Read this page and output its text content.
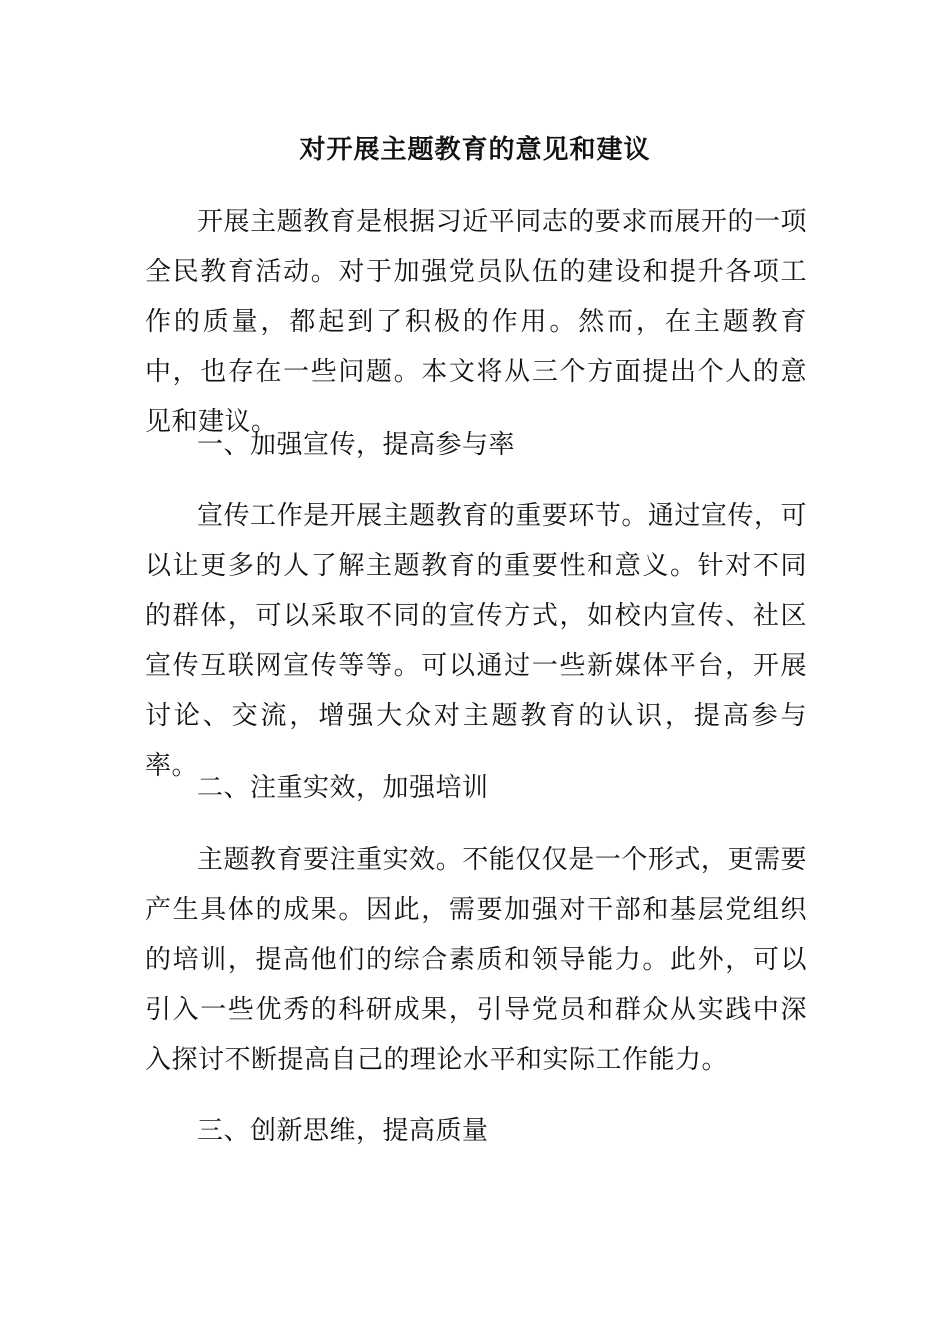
对开展主题教育的意见和建议

开展主题教育是根据习近平同志的要求而展开的一项全民教育活动。对于加强党员队伍的建设和提升各项工作的质量，都起到了积极的作用。然而，在主题教育中，也存在一些问题。本文将从三个方面提出个人的意见和建议。

一、加强宣传，提高参与率

宣传工作是开展主题教育的重要环节。通过宣传，可以让更多的人了解主题教育的重要性和意义。针对不同的群体，可以采取不同的宣传方式，如校内宣传、社区宣传互联网宣传等等。可以通过一些新媒体平台，开展讨论、交流，增强大众对主题教育的认识，提高参与率。

二、注重实效，加强培训

主题教育要注重实效。不能仅仅是一个形式，更需要产生具体的成果。因此，需要加强对干部和基层党组织的培训，提高他们的综合素质和领导能力。此外，可以引入一些优秀的科研成果，引导党员和群众从实践中深入探讨不断提高自己的理论水平和实际工作能力。

三、创新思维，提高质量
